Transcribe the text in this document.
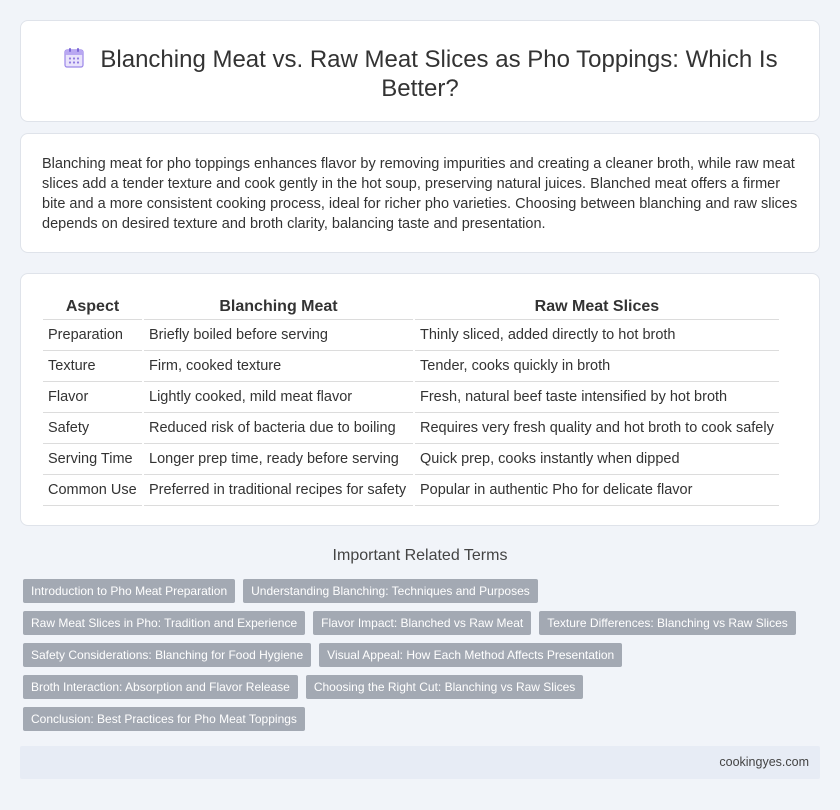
Blanching Meat vs. Raw Meat Slices as Pho Toppings: Which Is Better?

Blanching meat for pho toppings enhances flavor by removing impurities and creating a cleaner broth, while raw meat slices add a tender texture and cook gently in the hot soup, preserving natural juices. Blanched meat offers a firmer bite and a more consistent cooking process, ideal for richer pho varieties. Choosing between blanching and raw slices depends on desired texture and broth clarity, balancing taste and presentation.

Aspect		Blanching Meat		Raw Meat Slices
Preparation		Briefly boiled before serving		Thinly sliced, added directly to hot broth
Texture		Firm, cooked texture		Tender, cooks quickly in broth
Flavor		Lightly cooked, mild meat flavor		Fresh, natural beef taste intensified by hot broth
Safety		Reduced risk of bacteria due to boiling		Requires very fresh quality and hot broth to cook safely
Serving Time		Longer prep time, ready before serving		Quick prep, cooks instantly when dipped
Common Use		Preferred in traditional recipes for safety		Popular in authentic Pho for delicate flavor
Important Related Terms
Introduction to Pho Meat Preparation	Understanding Blanching: Techniques and Purposes
Raw Meat Slices in Pho: Tradition and Experience	Flavor Impact: Blanched vs Raw Meat	Texture Differences: Blanching vs Raw Slices
Safety Considerations: Blanching for Food Hygiene	Visual Appeal: How Each Method Affects Presentation
Broth Interaction: Absorption and Flavor Release	Choosing the Right Cut: Blanching vs Raw Slices
Conclusion: Best Practices for Pho Meat Toppings
cookingyes.com
